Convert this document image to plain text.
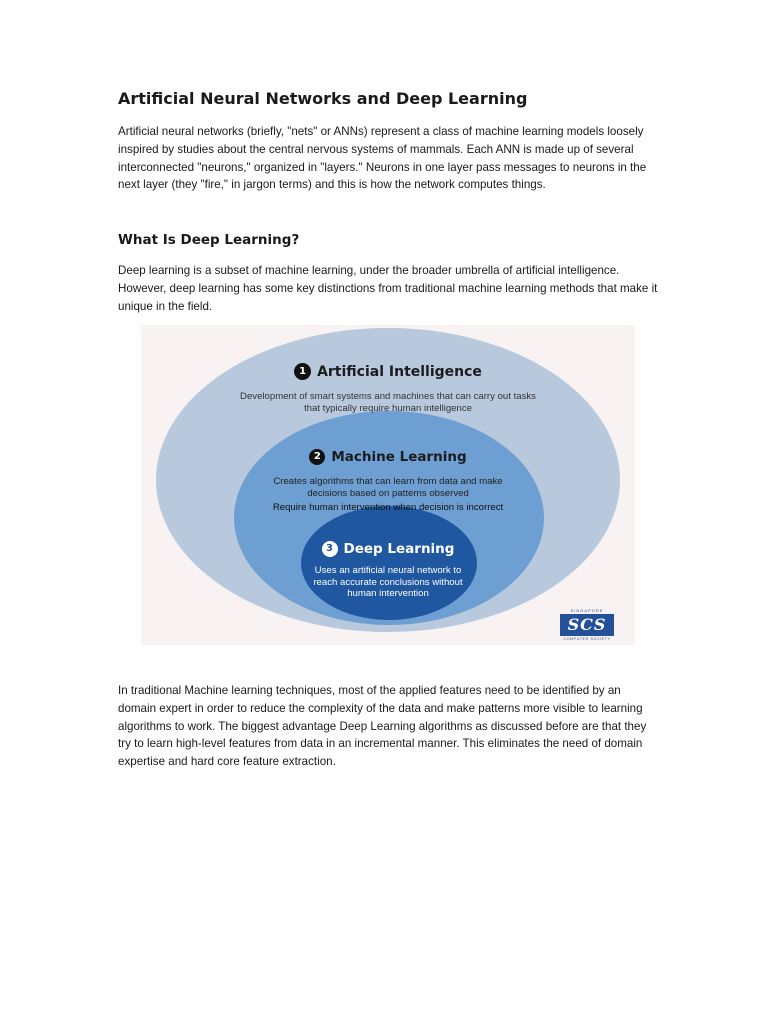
Artificial Neural Networks and Deep Learning

Artificial neural networks (briefly, "nets" or ANNs) represent a class of machine learning models loosely inspired by studies about the central nervous systems of mammals. Each ANN is made up of several interconnected "neurons," organized in "layers." Neurons in one layer pass messages to neurons in the next layer (they "fire," in jargon terms) and this is how the network computes things.

What Is Deep Learning?

Deep learning is a subset of machine learning, under the broader umbrella of artificial intelligence. However, deep learning has some key distinctions from traditional machine learning methods that make it unique in the field.

1 Artificial Intelligence
Development of smart systems and machines that can carry out tasks that typically require human intelligence
2 Machine Learning
Creates algorithms that can learn from data and make decisions based on patterns observed
Require human intervention when decision is incorrect
3 Deep Learning
Uses an artificial neural network to reach accurate conclusions without human intervention
SINGAPORE
SCS
COMPUTER SOCIETY

In traditional Machine learning techniques, most of the applied features need to be identified by an domain expert in order to reduce the complexity of the data and make patterns more visible to learning algorithms to work. The biggest advantage Deep Learning algorithms as discussed before are that they try to learn high-level features from data in an incremental manner. This eliminates the need of domain expertise and hard core feature extraction.
